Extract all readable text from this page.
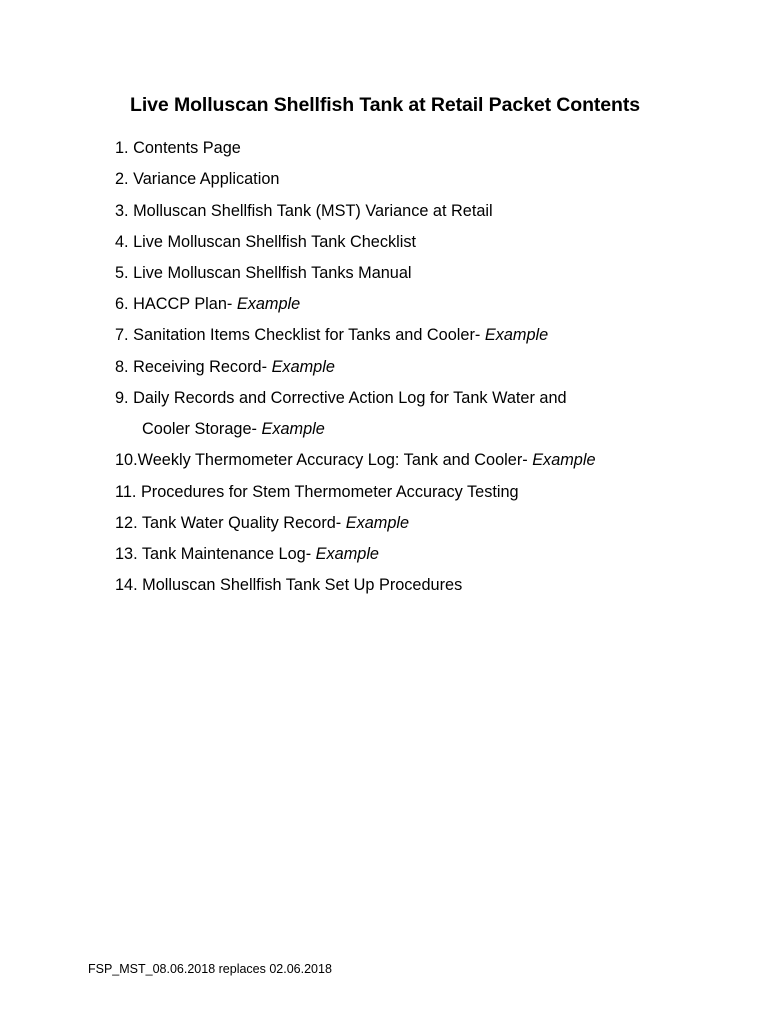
Live Molluscan Shellfish Tank at Retail Packet Contents
1. Contents Page
2. Variance Application
3. Molluscan Shellfish Tank (MST) Variance at Retail
4. Live Molluscan Shellfish Tank Checklist
5. Live Molluscan Shellfish Tanks Manual
6. HACCP Plan- Example
7. Sanitation Items Checklist for Tanks and Cooler- Example
8. Receiving Record- Example
9. Daily Records and Corrective Action Log for Tank Water and
Cooler Storage- Example
10.Weekly Thermometer Accuracy Log: Tank and Cooler- Example
11. Procedures for Stem Thermometer Accuracy Testing
12. Tank Water Quality Record- Example
13. Tank Maintenance Log- Example
14. Molluscan Shellfish Tank Set Up Procedures
FSP_MST_08.06.2018 replaces 02.06.2018
